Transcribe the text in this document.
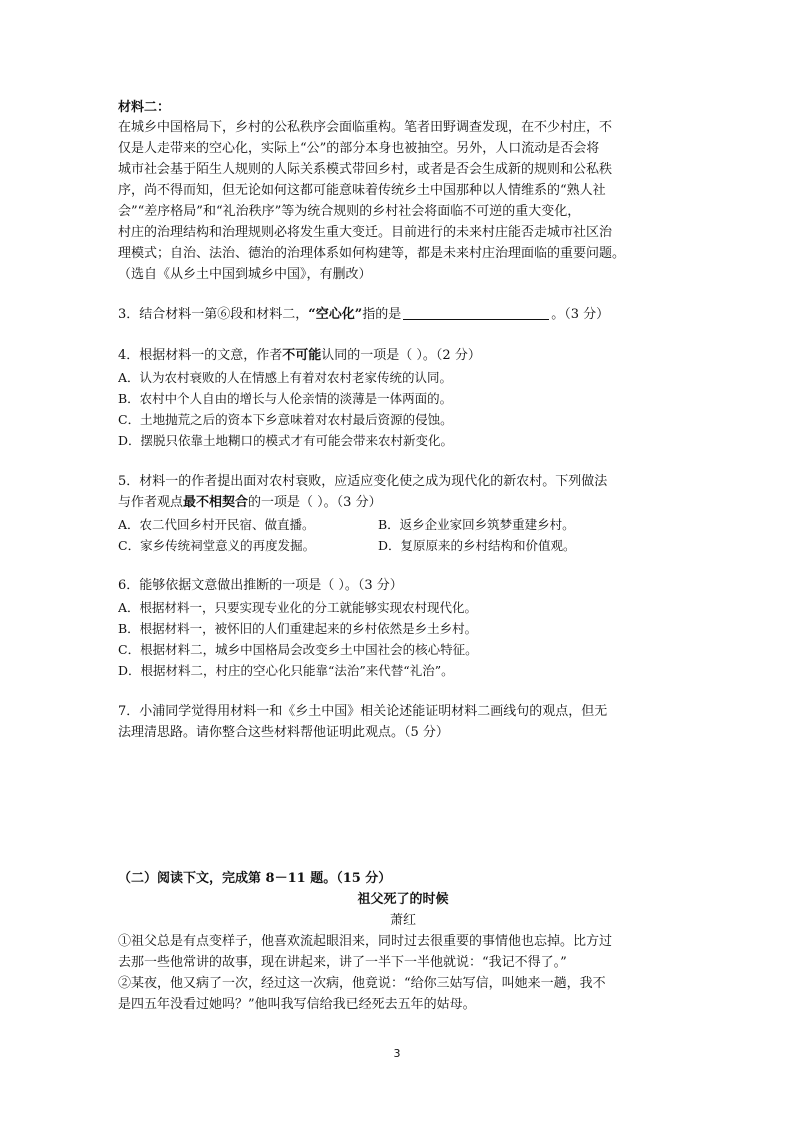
材料二：
在城乡中国格局下，乡村的公私秩序会面临重构。笔者田野调查发现，在不少村庄，不
仅是人走带来的空心化，实际上“公”的部分本身也被抽空。另外，人口流动是否会将
城市社会基于陌生人规则的人际关系模式带回乡村，或者是否会生成新的规则和公私秩
序，尚不得而知，但无论如何这都可能意味着传统乡土中国那种以人情维系的“熟人社
会”“差序格局”和“礼治秩序”等为统合规则的乡村社会将面临不可逆的重大变化，
村庄的治理结构和治理规则必将发生重大变迁。目前进行的未来村庄能否走城市社区治
理模式；自治、法治、德治的治理体系如何构建等，都是未来村庄治理面临的重要问题。
（选自《从乡土中国到城乡中国》，有删改）
3．结合材料一第⑥段和材料二，“空心化”指的是	。（3 分）
4．根据材料一的文意，作者不可能认同的一项是（ ）。（2 分）
A．认为农村衰败的人在情感上有着对农村老家传统的认同。
B．农村中个人自由的增长与人伦亲情的淡薄是一体两面的。
C．土地抛荒之后的资本下乡意味着对农村最后资源的侵蚀。
D．摆脱只依靠土地糊口的模式才有可能会带来农村新变化。
5．材料一的作者提出面对农村衰败，应适应变化使之成为现代化的新农村。下列做法
与作者观点最不相契合的一项是（ ）。（3 分）
A．农二代回乡村开民宿、做直播。	B．返乡企业家回乡筑梦重建乡村。
C．家乡传统祠堂意义的再度发掘。	D．复原原来的乡村结构和价值观。
6．能够依据文意做出推断的一项是（ ）。（3 分）
A．根据材料一，只要实现专业化的分工就能够实现农村现代化。
B．根据材料一，被怀旧的人们重建起来的乡村依然是乡土乡村。
C．根据材料二，城乡中国格局会改变乡土中国社会的核心特征。
D．根据材料二，村庄的空心化只能靠“法治”来代替“礼治”。
7．小浦同学觉得用材料一和《乡土中国》相关论述能证明材料二画线句的观点，但无
法理清思路。请你整合这些材料帮他证明此观点。（5 分）
（二）阅读下文，完成第 8－11 题。（15 分）
祖父死了的时候
萧红
①祖父总是有点变样子，他喜欢流起眼泪来，同时过去很重要的事情他也忘掉。比方过
去那一些他常讲的故事，现在讲起来，讲了一半下一半他就说：“我记不得了。”
②某夜，他又病了一次，经过这一次病，他竟说：“给你三姑写信，叫她来一趟，我不
是四五年没看过她吗？”他叫我写信给我已经死去五年的姑母。
3
